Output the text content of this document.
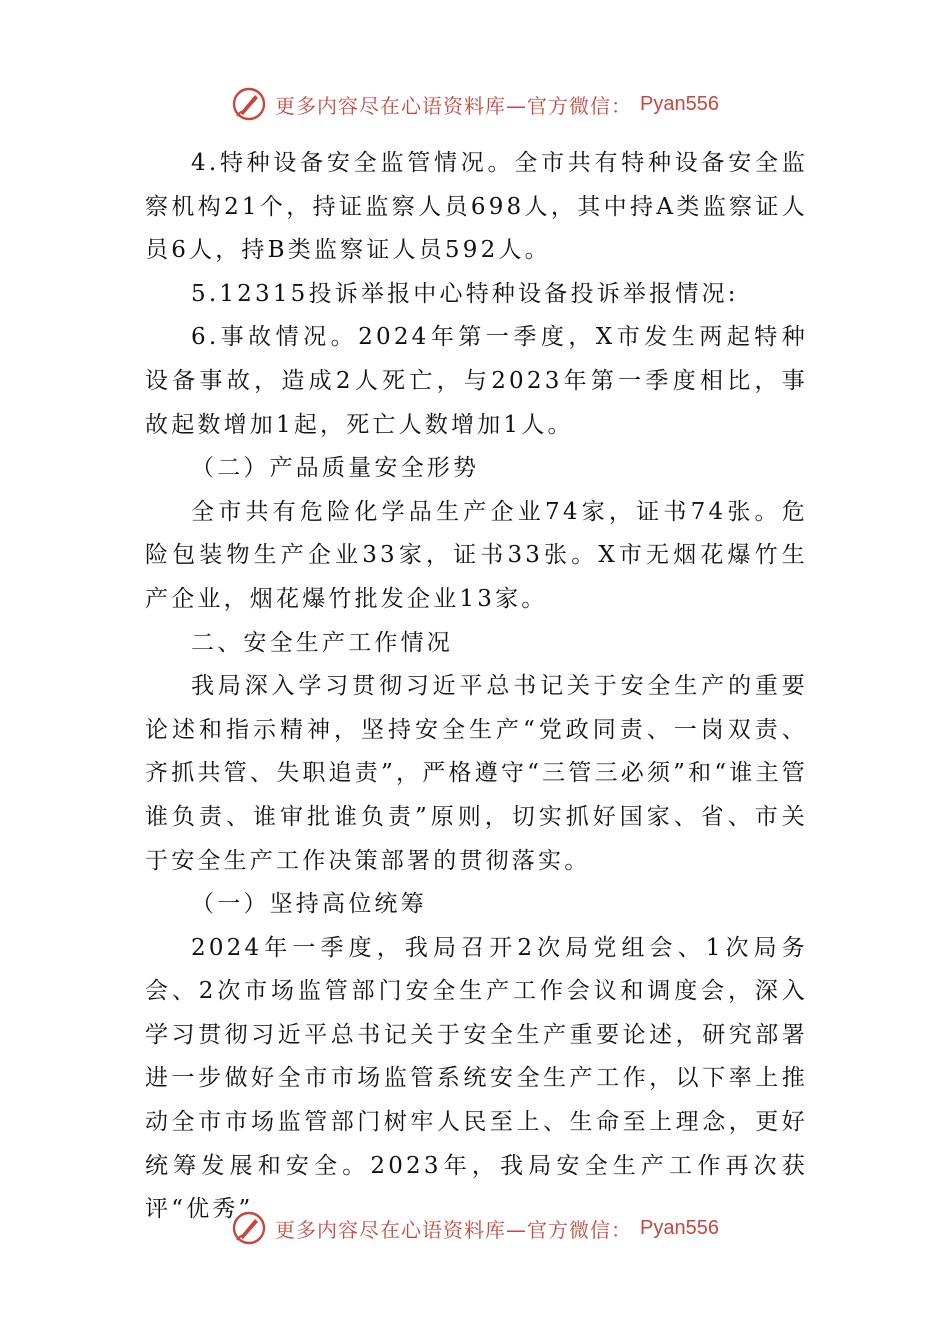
更多内容尽在心语资料库—官方微信： Pyan556

4.特种设备安全监管情况。全市共有特种设备安全监察机构21个，持证监察人员698人，其中持A类监察证人员6人，持B类监察证人员592人。

5.12315投诉举报中心特种设备投诉举报情况:

6.事故情况。2024年第一季度，X市发生两起特种设备事故，造成2人死亡，与2023年第一季度相比，事故起数增加1起，死亡人数增加1人。

（二）产品质量安全形势

全市共有危险化学品生产企业74家，证书74张。危险包装物生产企业33家，证书33张。X市无烟花爆竹生产企业，烟花爆竹批发企业13家。

二、安全生产工作情况

我局深入学习贯彻习近平总书记关于安全生产的重要论述和指示精神，坚持安全生产“党政同责、一岗双责、齐抓共管、失职追责”，严格遵守“三管三必须”和“谁主管谁负责、谁审批谁负责”原则，切实抓好国家、省、市关于安全生产工作决策部署的贯彻落实。

（一）坚持高位统筹

2024年一季度，我局召开2次局党组会、1次局务会、2次市场监管部门安全生产工作会议和调度会，深入学习贯彻习近平总书记关于安全生产重要论述，研究部署进一步做好全市市场监管系统安全生产工作，以下率上推动全市市场监管部门树牢人民至上、生命至上理念，更好统筹发展和安全。2023年，我局安全生产工作再次获评“优秀”

更多内容尽在心语资料库—官方微信： Pyan556
